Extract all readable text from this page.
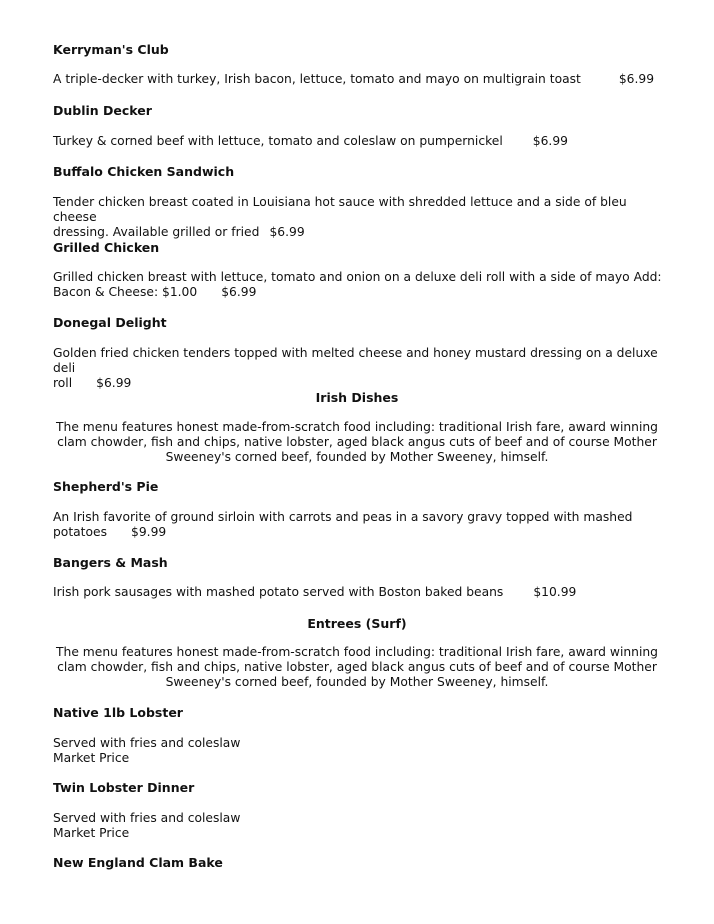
Kerryman's Club
A triple-decker with turkey, Irish bacon, lettuce, tomato and mayo on multigrain toast	$6.99
Dublin Decker
Turkey & corned beef with lettuce, tomato and coleslaw on pumpernickel $6.99
Buffalo Chicken Sandwich
Tender chicken breast coated in Louisiana hot sauce with shredded lettuce and a side of bleu cheese
dressing. Available grilled or fried $6.99
Grilled Chicken
Grilled chicken breast with lettuce, tomato and onion on a deluxe deli roll with a side of mayo Add:
Bacon & Cheese: $1.00 $6.99
Donegal Delight
Golden fried chicken tenders topped with melted cheese and honey mustard dressing on a deluxe deli
roll $6.99
Irish Dishes
The menu features honest made-from-scratch food including: traditional Irish fare, award winning
clam chowder, fish and chips, native lobster, aged black angus cuts of beef and of course Mother
Sweeney's corned beef, founded by Mother Sweeney, himself.
Shepherd's Pie
An Irish favorite of ground sirloin with carrots and peas in a savory gravy topped with mashed
potatoes $9.99
Bangers & Mash
Irish pork sausages with mashed potato served with Boston baked beans $10.99
Entrees (Surf)
The menu features honest made-from-scratch food including: traditional Irish fare, award winning
clam chowder, fish and chips, native lobster, aged black angus cuts of beef and of course Mother
Sweeney's corned beef, founded by Mother Sweeney, himself.
Native 1lb Lobster
Served with fries and coleslaw
Market Price
Twin Lobster Dinner
Served with fries and coleslaw
Market Price
New England Clam Bake
